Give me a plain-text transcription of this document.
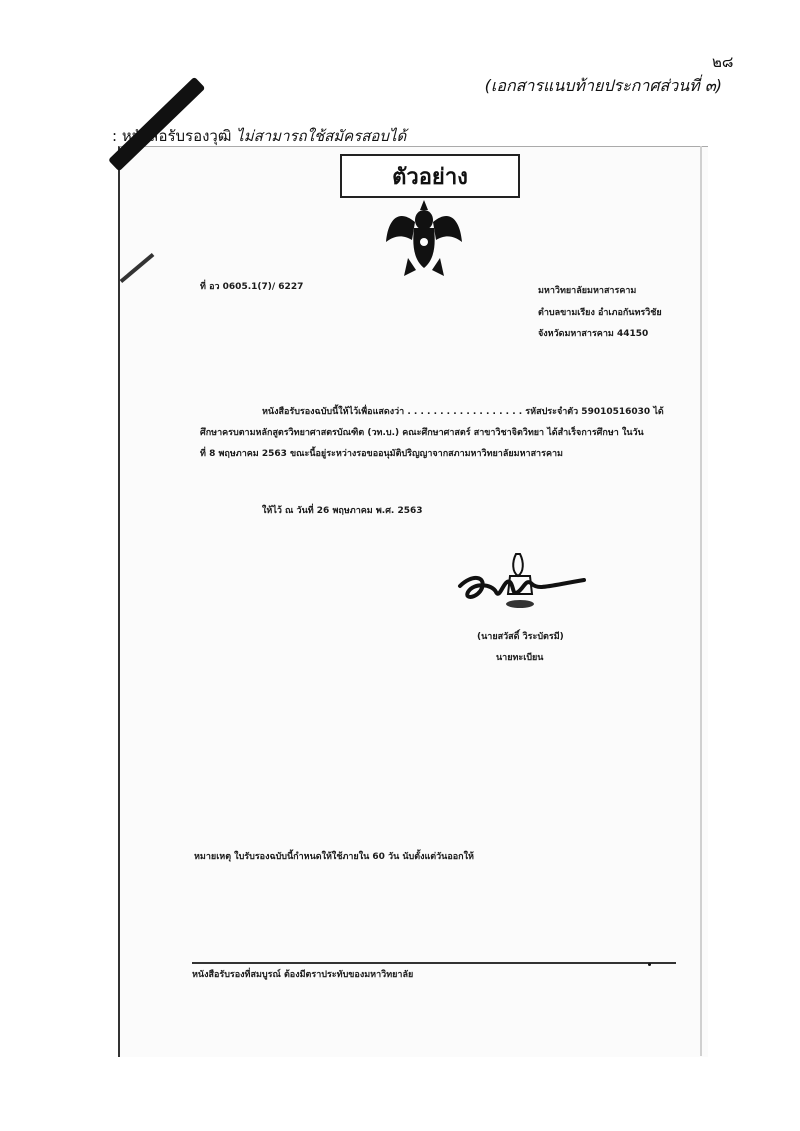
๒๘
(เอกสารแนบท้ายประกาศส่วนที่ ๓)
: หนังสือรับรองวุฒิ ไม่สามารถใช้สมัครสอบได้
ตัวอย่าง
ที่ อว 0605.1(7)/ 6227	มหาวิทยาลัยมหาสารคาม
ตำบลขามเรียง อำเภอกันทรวิชัย
จังหวัดมหาสารคาม 44150
หนังสือรับรองฉบับนี้ให้ไว้เพื่อแสดงว่า . . . . . . . . . . . . . . . . . . รหัสประจำตัว 59010516030 ได้
ศึกษาครบตามหลักสูตรวิทยาศาสตรบัณฑิต (วท.บ.) คณะศึกษาศาสตร์ สาขาวิชาจิตวิทยา ได้สำเร็จการศึกษา ในวัน
ที่ 8 พฤษภาคม 2563 ขณะนี้อยู่ระหว่างรอขออนุมัติปริญญาจากสภามหาวิทยาลัยมหาสารคาม
ให้ไว้ ณ วันที่ 26 พฤษภาคม พ.ศ. 2563
(นายสวัสดิ์ วิระบัตรมี)
นายทะเบียน
หมายเหตุ ใบรับรองฉบับนี้กำหนดให้ใช้ภายใน 60 วัน นับตั้งแต่วันออกให้
หนังสือรับรองที่สมบูรณ์ ต้องมีตราประทับของมหาวิทยาลัย
